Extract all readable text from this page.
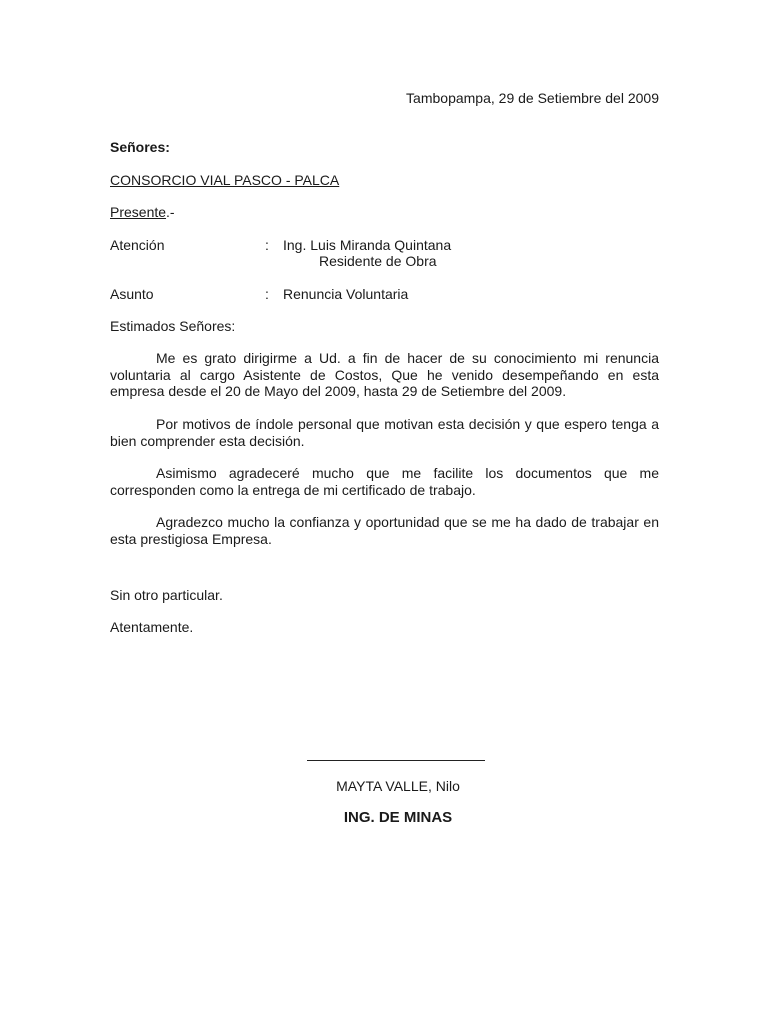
Tambopampa, 29 de Setiembre del 2009
Señores:
CONSORCIO VIAL PASCO - PALCA
Presente.-
Atención	: Ing. Luis Miranda Quintana
Residente de Obra
Asunto	: Renuncia Voluntaria
Estimados Señores:
Me es grato dirigirme a Ud. a fin de hacer de su conocimiento mi renuncia
voluntaria al cargo Asistente de Costos, Que he venido desempeñando en esta
empresa desde el 20 de Mayo del 2009, hasta 29 de Setiembre del 2009.
Por motivos de índole personal que motivan esta decisión y que espero tenga a
bien comprender esta decisión.
Asimismo agradeceré mucho que me facilite los documentos que me
corresponden como la entrega de mi certificado de trabajo.
Agradezco mucho la confianza y oportunidad que se me ha dado de trabajar en
esta prestigiosa Empresa.
Sin otro particular.
Atentamente.
MAYTA VALLE, Nilo
ING. DE MINAS
